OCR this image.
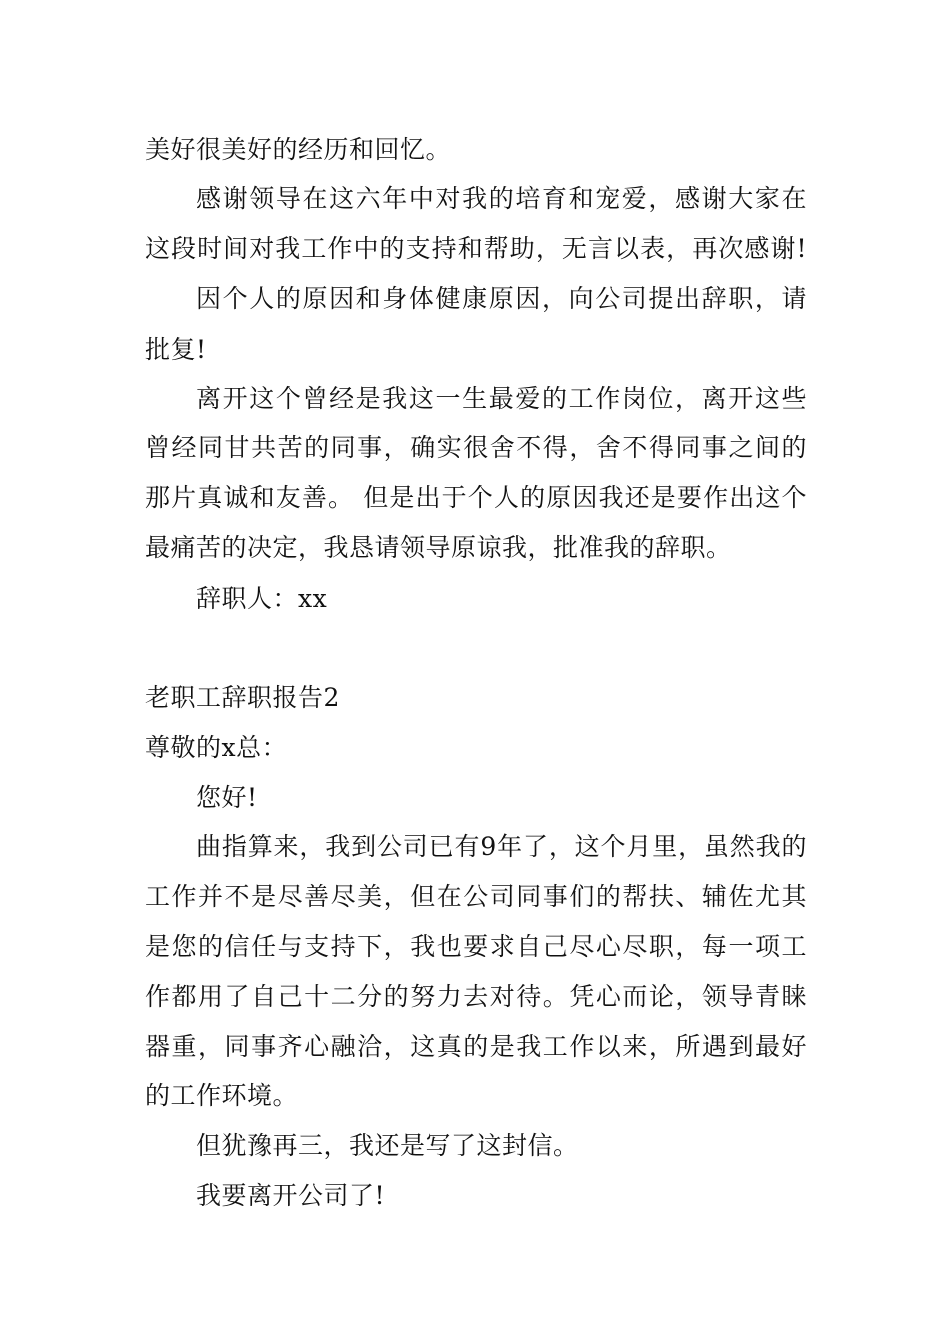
美好很美好的经历和回忆。
感谢领导在这六年中对我的培育和宠爱，感谢大家在
这段时间对我工作中的支持和帮助，无言以表，再次感谢!
因个人的原因和身体健康原因，向公司提出辞职，请
批复!
离开这个曾经是我这一生最爱的工作岗位，离开这些
曾经同甘共苦的同事，确实很舍不得，舍不得同事之间的
那片真诚和友善。 但是出于个人的原因我还是要作出这个
最痛苦的决定，我恳请领导原谅我，批准我的辞职。
辞职人：xx
老职工辞职报告2
尊敬的x总：
您好!
曲指算来，我到公司已有9年了，这个月里，虽然我的
工作并不是尽善尽美，但在公司同事们的帮扶、辅佐尤其
是您的信任与支持下，我也要求自己尽心尽职，每一项工
作都用了自己十二分的努力去对待。凭心而论，领导青睐
器重，同事齐心融洽，这真的是我工作以来，所遇到最好
的工作环境。
但犹豫再三，我还是写了这封信。
我要离开公司了!
